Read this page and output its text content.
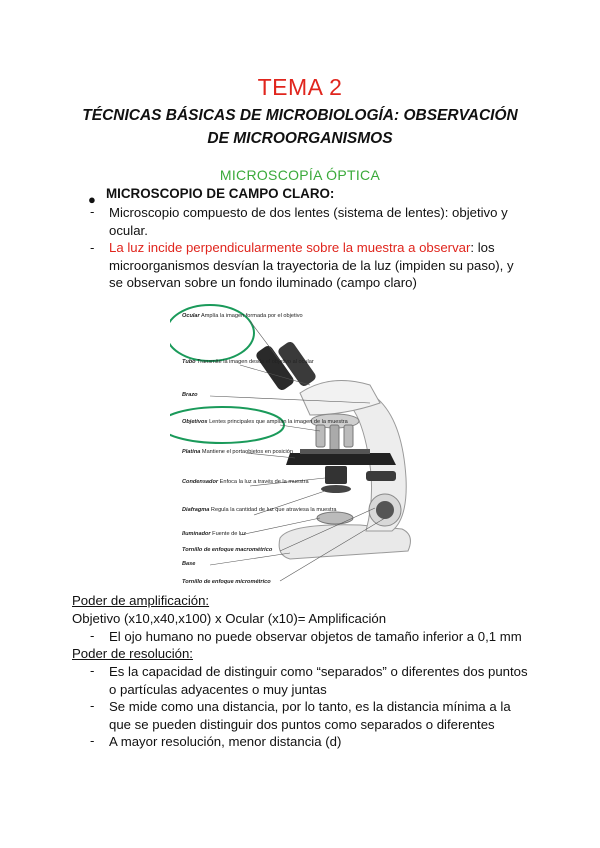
TEMA 2
TÉCNICAS BÁSICAS DE MICROBIOLOGÍA: OBSERVACIÓN
DE MICROORGANISMOS
MICROSCOPÍA ÓPTICA
● MICROSCOPIO DE CAMPO CLARO:
- Microscopio compuesto de dos lentes (sistema de lentes): objetivo y
ocular.
- La luz incide perpendicularmente sobre la muestra a observar: los
microorganismos desvían la trayectoria de la luz (impiden su paso), y
se observan sobre un fondo iluminado (campo claro)
Ocular Amplía la imagen formada por el objetivo
Tubo Transmite la imagen desde el objetivo al ocular
Brazo
Objetivos Lentes principales que amplían la imagen de la muestra
Platina Mantiene el portaobjetos en posición
Condensador Enfoca la luz a través de la muestra
Diafragma Regula la cantidad de luz que atraviesa la muestra
Iluminador Fuente de luz
Tornillo de enfoque macrométrico
Base
Tornillo de enfoque micrométrico
Poder de amplificación:
Objetivo (x10,x40,x100) x Ocular (x10)= Amplificación
- El ojo humano no puede observar objetos de tamaño inferior a 0,1 mm
Poder de resolución:
- Es la capacidad de distinguir como “separados” o diferentes dos puntos
o partículas adyacentes o muy juntas
- Se mide como una distancia, por lo tanto, es la distancia mínima a la
que se pueden distinguir dos puntos como separados o diferentes
- A mayor resolución, menor distancia (d)
